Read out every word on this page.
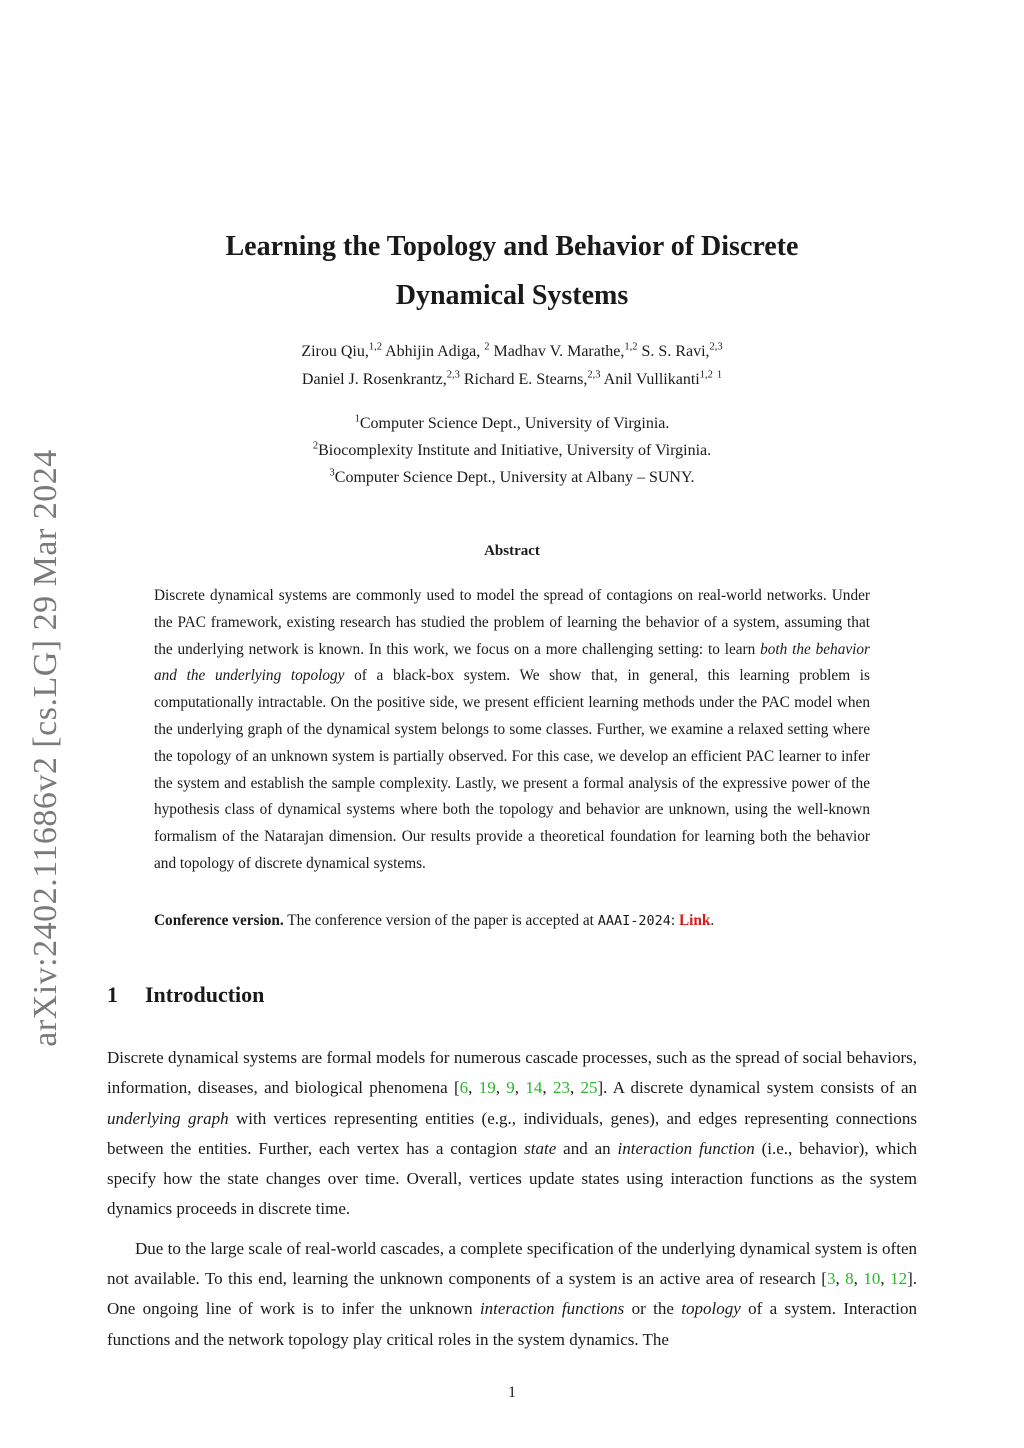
arXiv:2402.11686v2 [cs.LG] 29 Mar 2024
Learning the Topology and Behavior of Discrete
Dynamical Systems
Zirou Qiu,$^{1,2}$ Abhijin Adiga, $^2$ Madhav V. Marathe,$^{1,2}$ S. S. Ravi,$^{2,3}$
Daniel J. Rosenkrantz,$^{2,3}$ Richard E. Stearns,$^{2,3}$ Anil Vullikanti$^{1,2}$ $^1$
$^1$Computer Science Dept., University of Virginia.
$^2$Biocomplexity Institute and Initiative, University of Virginia.
$^3$Computer Science Dept., University at Albany – SUNY.
Abstract

Discrete dynamical systems are commonly used to model the spread of contagions on real-world networks. Under the PAC framework, existing research has studied the problem of learning the behavior of a system, assuming that the underlying network is known. In this work, we focus on a more challenging setting: to learn both the behavior and the underlying topology of a black-box system. We show that, in general, this learning problem is computationally intractable. On the positive side, we present efficient learning methods under the PAC model when the underlying graph of the dynamical system belongs to some classes. Further, we examine a relaxed setting where the topology of an unknown system is partially observed. For this case, we develop an efficient PAC learner to infer the system and establish the sample complexity. Lastly, we present a formal analysis of the expressive power of the hypothesis class of dynamical systems where both the topology and behavior are unknown, using the well-known formalism of the Natarajan dimension. Our results provide a theoretical foundation for learning both the behavior and topology of discrete dynamical systems.

Conference version. The conference version of the paper is accepted at AAAI-2024: Link.
1 Introduction

Discrete dynamical systems are formal models for numerous cascade processes, such as the spread of social behaviors, information, diseases, and biological phenomena [6, 19, 9, 14, 23, 25]. A discrete dynamical system consists of an underlying graph with vertices representing entities (e.g., individuals, genes), and edges representing connections between the entities. Further, each vertex has a contagion state and an interaction function (i.e., behavior), which specify how the state changes over time. Overall, vertices update states using interaction functions as the system dynamics proceeds in discrete time.

Due to the large scale of real-world cascades, a complete specification of the underlying dynamical system is often not available. To this end, learning the unknown components of a system is an active area of research [3, 8, 10, 12]. One ongoing line of work is to infer the unknown interaction functions or the topology of a system. Interaction functions and the network topology play critical roles in the system dynamics. The

1
